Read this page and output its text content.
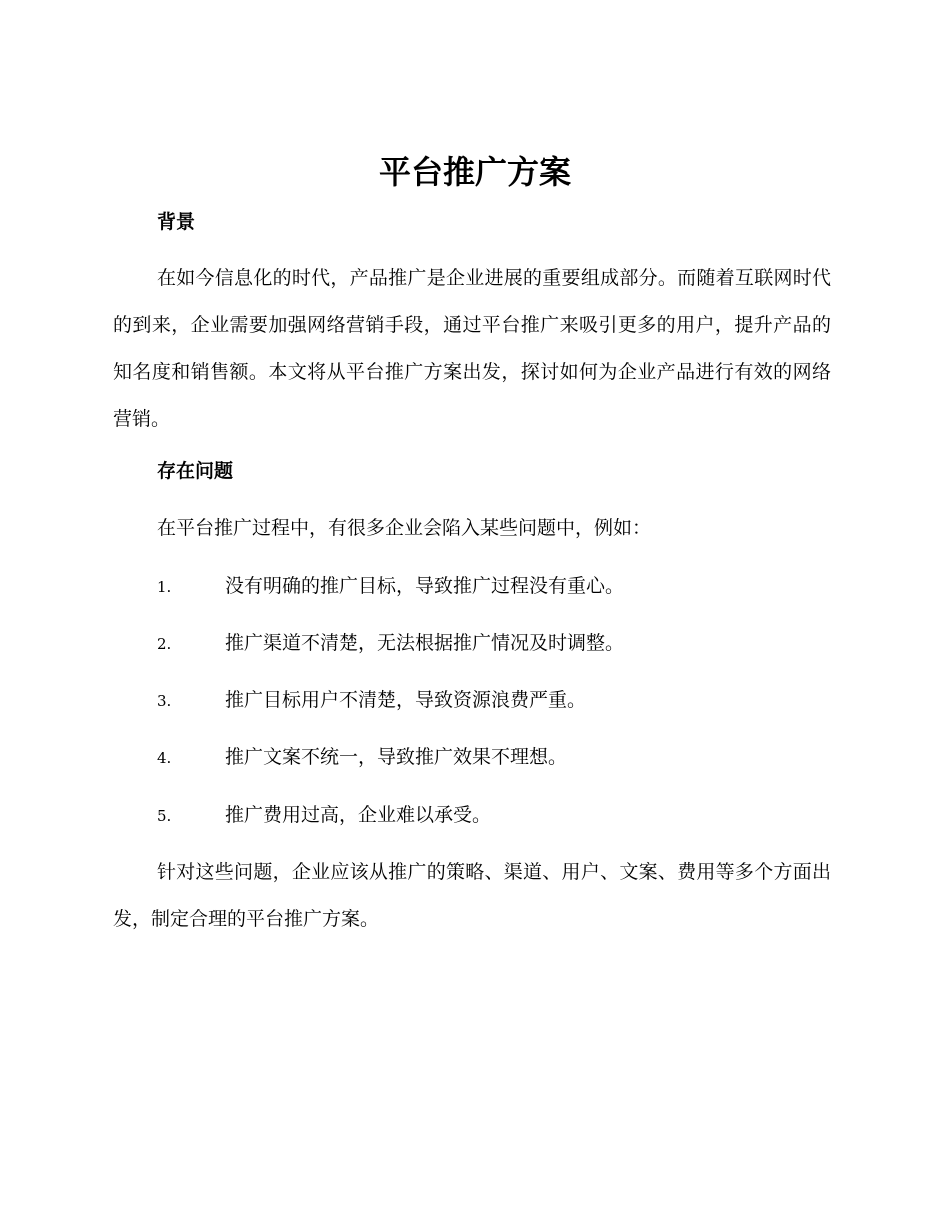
平台推广方案
背景

在如今信息化的时代，产品推广是企业进展的重要组成部分。而随着互联网时代的到来，企业需要加强网络营销手段，通过平台推广来吸引更多的用户，提升产品的知名度和销售额。本文将从平台推广方案出发，探讨如何为企业产品进行有效的网络营销。

存在问题

在平台推广过程中，有很多企业会陷入某些问题中，例如：

1.	没有明确的推广目标，导致推广过程没有重心。
2.	推广渠道不清楚，无法根据推广情况及时调整。
3.	推广目标用户不清楚，导致资源浪费严重。
4.	推广文案不统一，导致推广效果不理想。
5.	推广费用过高，企业难以承受。

针对这些问题，企业应该从推广的策略、渠道、用户、文案、费用等多个方面出发，制定合理的平台推广方案。
